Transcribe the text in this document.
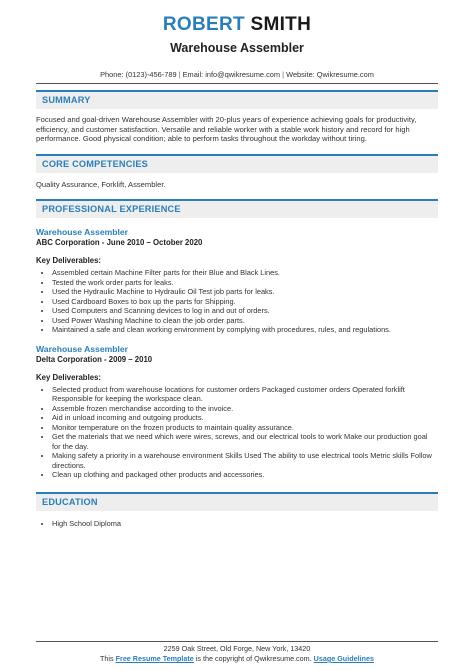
ROBERT SMITH
Warehouse Assembler
Phone: (0123)-456-789 | Email: info@qwikresume.com | Website: Qwikresume.com
SUMMARY
Focused and goal-driven Warehouse Assembler with 20-plus years of experience achieving goals for productivity, efficiency, and customer satisfaction. Versatile and reliable worker with a stable work history and record for high performance. Good physical condition; able to perform tasks throughout the workday without tiring.
CORE COMPETENCIES
Quality Assurance, Forklift, Assembler.
PROFESSIONAL EXPERIENCE
Warehouse Assembler
ABC Corporation - June 2010 – October 2020
Key Deliverables:
• Assembled certain Machine Filter parts for their Blue and Black Lines.
• Tested the work order parts for leaks.
• Used the Hydraulic Machine to Hydraulic Oil Test job parts for leaks.
• Used Cardboard Boxes to box up the parts for Shipping.
• Used Computers and Scanning devices to log in and out of orders.
• Used Power Washing Machine to clean the job order parts.
• Maintained a safe and clean working environment by complying with procedures, rules, and regulations.
Warehouse Assembler
Delta Corporation - 2009 – 2010
Key Deliverables:
• Selected product from warehouse locations for customer orders Packaged customer orders Operated forklift Responsible for keeping the workspace clean.
• Assemble frozen merchandise according to the invoice.
• Aid in unload incoming and outgoing products.
• Monitor temperature on the frozen products to maintain quality assurance.
• Get the materials that we need which were wires, screws, and our electrical tools to work Make our production goal for the day.
• Making safety a priority in a warehouse environment Skills Used The ability to use electrical tools Metric skills Follow directions.
• Clean up clothing and packaged other products and accessories.
EDUCATION
• High School Diploma
2259 Oak Street, Old Forge, New York, 13420
This Free Resume Template is the copyright of Qwikresume.com. Usage Guidelines
